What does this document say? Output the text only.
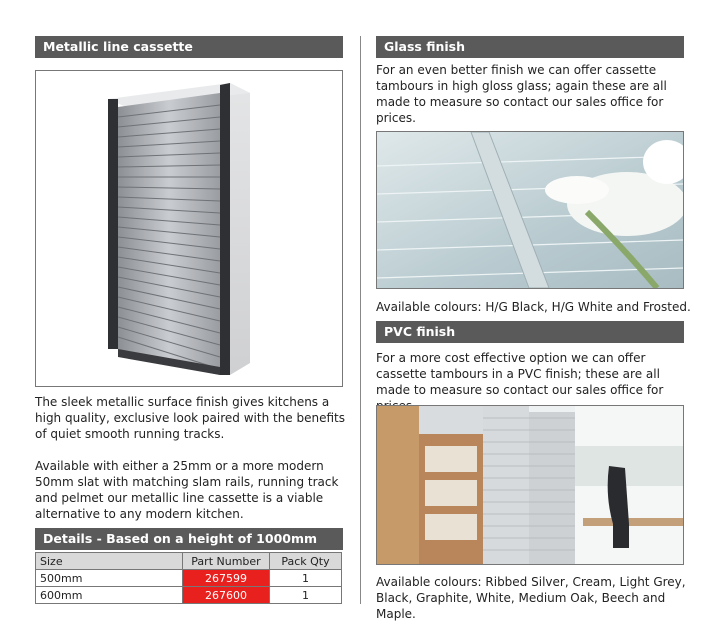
Metallic line cassette

The sleek metallic surface finish gives kitchens a high quality, exclusive look paired with the benefits of quiet smooth running tracks.

Available with either a 25mm or a more modern 50mm slat with matching slam rails, running track and pelmet our metallic line cassette is a viable alternative to any modern kitchen.

Details - Based on a height of 1000mm
Size	Part Number	Pack Qty
500mm	267599	1
600mm	267600	1
Glass finish

For an even better finish we can offer cassette tambours in high gloss glass; again these are all made to measure so contact our sales office for prices.

Available colours: H/G Black, H/G White and Frosted.

PVC finish

For a more cost effective option we can offer cassette tambours in a PVC finish; these are all made to measure so contact our sales office for

Available colours: Ribbed Silver, Cream, Light Grey, Black, Graphite, White, Medium Oak, Beech and Maple.
